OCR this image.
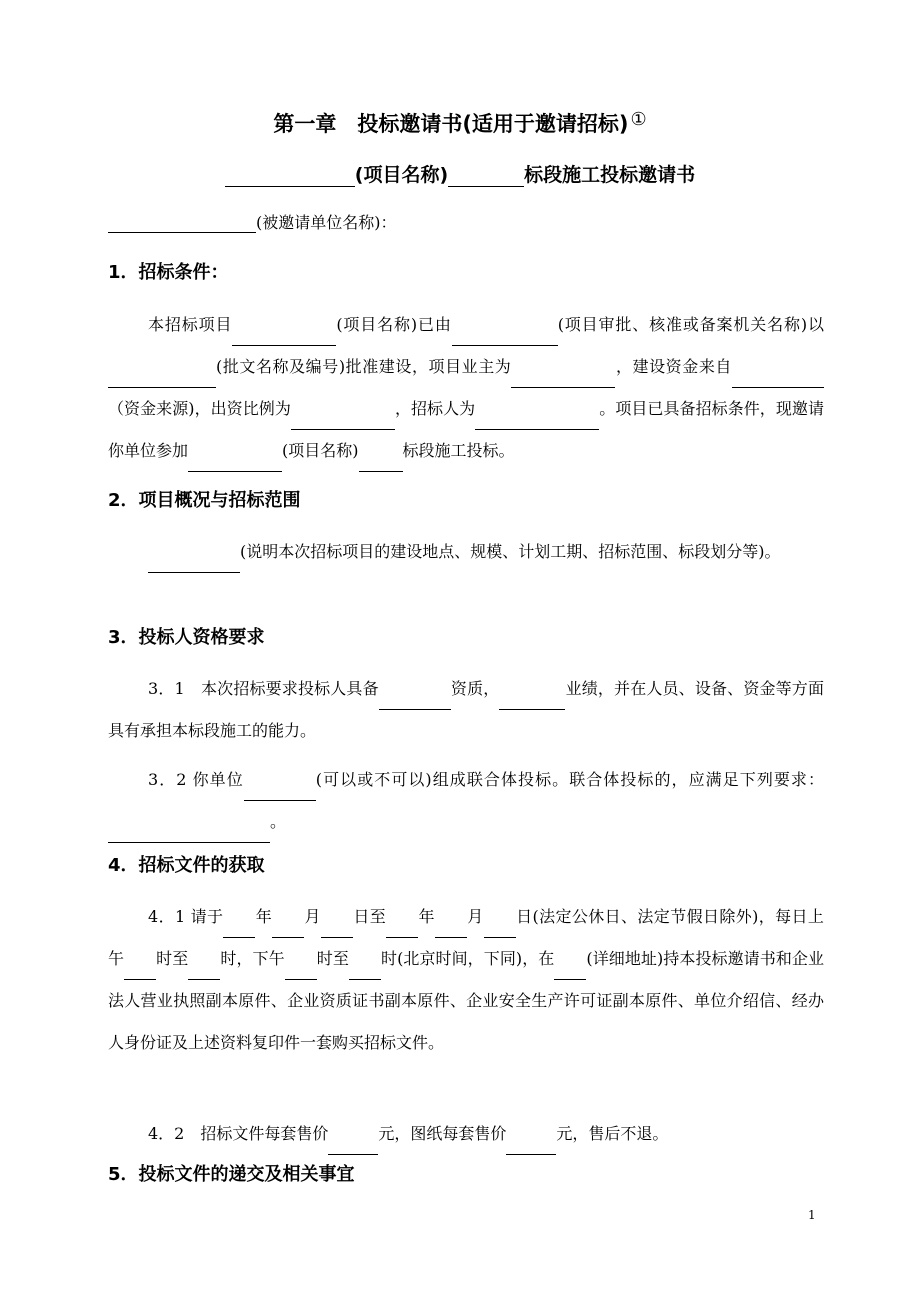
第一章　投标邀请书(适用于邀请招标) ①
(项目名称)	标段施工投标邀请书
(被邀请单位名称)：
1．招标条件：
本招标项目	(项目名称)已由	(项目审批、核准或备案机关名称)以(批文名称及编号)批准建设，项目业主为	，建设资金来自（资金来源)，出资比例为	，招标人为	。项目已具备招标条件，现邀请你单位参加	(项目名称)	标段施工投标。
2．项目概况与招标范围
(说明本次招标项目的建设地点、规模、计划工期、招标范围、标段划分等)。
3．投标人资格要求
3．1　本次招标要求投标人具备	资质，	业绩，并在人员、设备、资金等方面具有承担本标段施工的能力。
3．2 你单位	(可以或不可以)组成联合体投标。联合体投标的，应满足下列要求：。
4．招标文件的获取
4．1 请于 年 月 日至 年 月 日(法定公休日、法定节假日除外)，每日上午 时至 时，下午 时至 时(北京时间，下同)，在 (详细地址)持本投标邀请书和企业法人营业执照副本原件、企业资质证书副本原件、企业安全生产许可证副本原件、单位介绍信、经办人身份证及上述资料复印件一套购买招标文件。
4．2　招标文件每套售价	元，图纸每套售价	元，售后不退。
5．投标文件的递交及相关事宜
1
